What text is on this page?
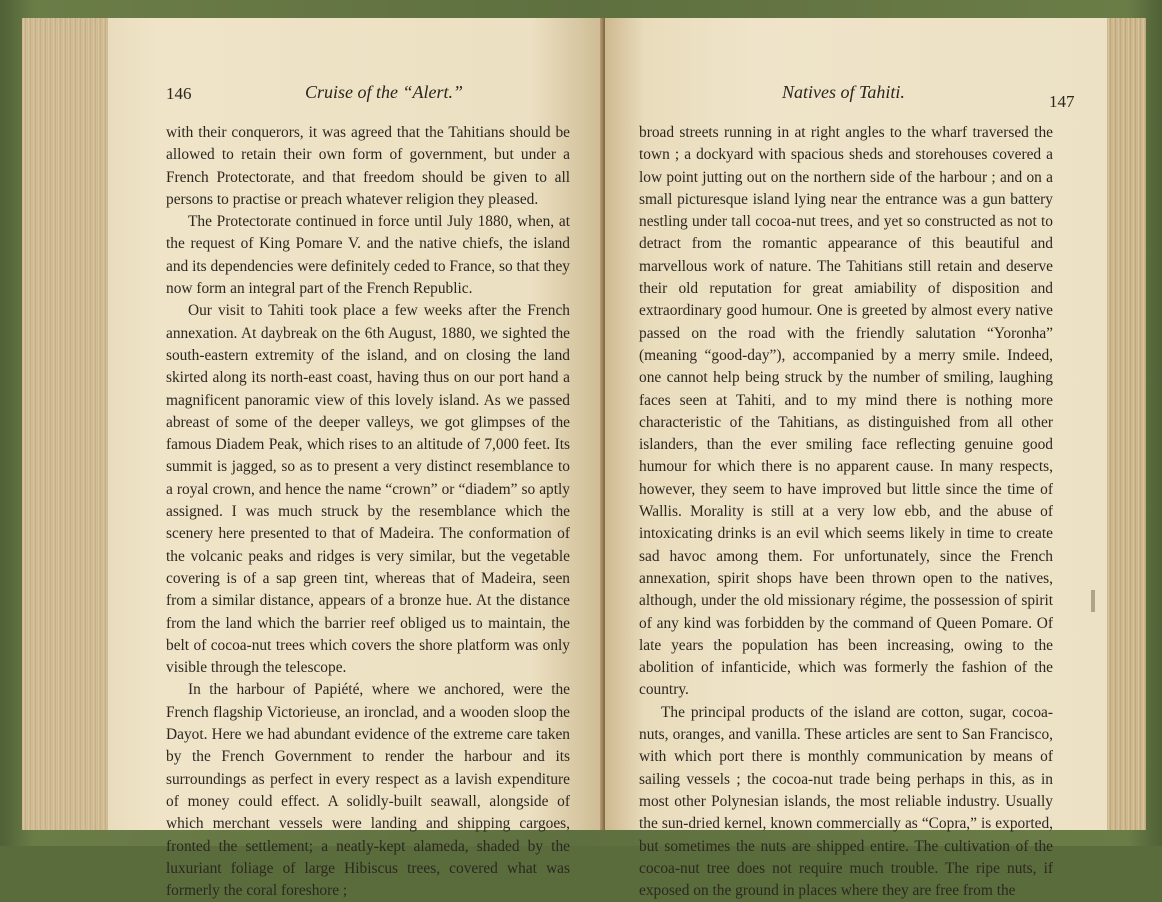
146	Cruise of the “Alert.”

with their conquerors, it was agreed that the Tahitians should be allowed to retain their own form of government, but under a French Protectorate, and that freedom should be given to all persons to practise or preach whatever religion they pleased.

The Protectorate continued in force until July 1880, when, at the request of King Pomare V. and the native chiefs, the island and its dependencies were definitely ceded to France, so that they now form an integral part of the French Republic.

Our visit to Tahiti took place a few weeks after the French annexation. At daybreak on the 6th August, 1880, we sighted the south-eastern extremity of the island, and on closing the land skirted along its north-east coast, having thus on our port hand a magnificent panoramic view of this lovely island. As we passed abreast of some of the deeper valleys, we got glimpses of the famous Diadem Peak, which rises to an altitude of 7,000 feet. Its summit is jagged, so as to present a very distinct resemblance to a royal crown, and hence the name “crown” or “diadem” so aptly assigned. I was much struck by the resemblance which the scenery here presented to that of Madeira. The conformation of the volcanic peaks and ridges is very similar, but the vegetable covering is of a sap green tint, whereas that of Madeira, seen from a similar distance, appears of a bronze hue. At the distance from the land which the barrier reef obliged us to maintain, the belt of cocoa-nut trees which covers the shore platform was only visible through the telescope.

In the harbour of Papiété, where we anchored, were the French flagship Victorieuse, an ironclad, and a wooden sloop the Dayot. Here we had abundant evidence of the extreme care taken by the French Government to render the harbour and its surroundings as perfect in every respect as a lavish expenditure of money could effect. A solidly-built seawall, alongside of which merchant vessels were landing and shipping cargoes, fronted the settlement; a neatly-kept alameda, shaded by the luxuriant foliage of large Hibiscus trees, covered what was formerly the coral foreshore ;

Natives of Tahiti.	147

broad streets running in at right angles to the wharf traversed the town ; a dockyard with spacious sheds and storehouses covered a low point jutting out on the northern side of the harbour ; and on a small picturesque island lying near the entrance was a gun battery nestling under tall cocoa-nut trees, and yet so constructed as not to detract from the romantic appearance of this beautiful and marvellous work of nature. The Tahitians still retain and deserve their old reputation for great amiability of disposition and extraordinary good humour. One is greeted by almost every native passed on the road with the friendly salutation “Yoronha” (meaning “good-day”), accompanied by a merry smile. Indeed, one cannot help being struck by the number of smiling, laughing faces seen at Tahiti, and to my mind there is nothing more characteristic of the Tahitians, as distinguished from all other islanders, than the ever smiling face reflecting genuine good humour for which there is no apparent cause. In many respects, however, they seem to have improved but little since the time of Wallis. Morality is still at a very low ebb, and the abuse of intoxicating drinks is an evil which seems likely in time to create sad havoc among them. For unfortunately, since the French annexation, spirit shops have been thrown open to the natives, although, under the old missionary régime, the possession of spirit of any kind was forbidden by the command of Queen Pomare. Of late years the population has been increasing, owing to the abolition of infanticide, which was formerly the fashion of the country.

The principal products of the island are cotton, sugar, cocoa-nuts, oranges, and vanilla. These articles are sent to San Francisco, with which port there is monthly communication by means of sailing vessels ; the cocoa-nut trade being perhaps in this, as in most other Polynesian islands, the most reliable industry. Usually the sun-dried kernel, known commercially as “Copra,” is exported, but sometimes the nuts are shipped entire. The cultivation of the cocoa-nut tree does not require much trouble. The ripe nuts, if exposed on the ground in places where they are free from the
